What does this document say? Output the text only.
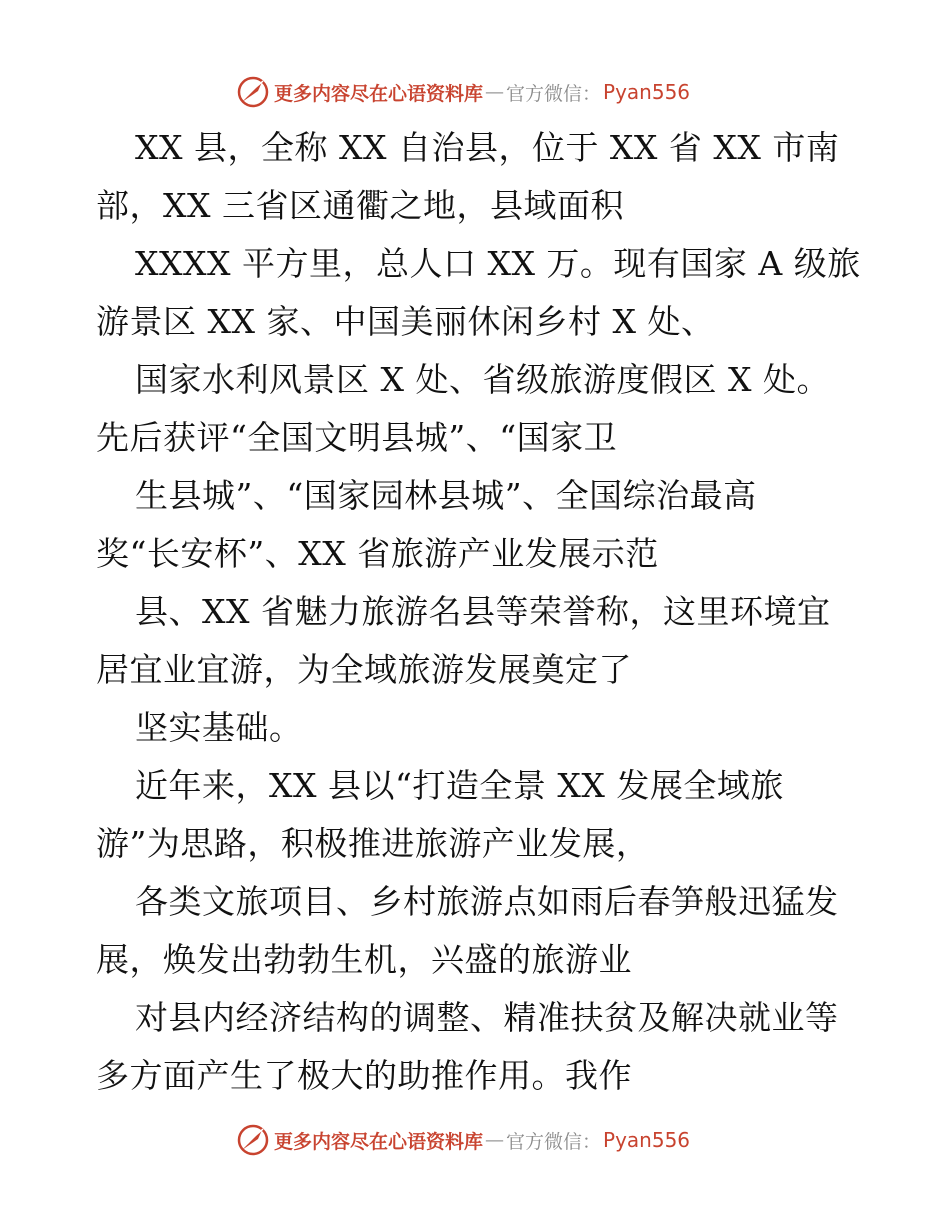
更多内容尽在心语资料库 — 官方微信： Pyan556
XX 县，全称 XX 自治县，位于 XX 省 XX 市南
部，XX 三省区通衢之地，县域面积
XXXX 平方里，总人口 XX 万。现有国家 A 级旅
游景区 XX 家、中国美丽休闲乡村 X 处、
国家水利风景区 X 处、省级旅游度假区 X 处。
先后获评“全国文明县城”、“国家卫
生县城”、“国家园林县城”、全国综治最高
奖“长安杯”、XX 省旅游产业发展示范
县、XX 省魅力旅游名县等荣誉称，这里环境宜
居宜业宜游，为全域旅游发展奠定了
坚实基础。
近年来，XX 县以“打造全景 XX 发展全域旅
游”为思路，积极推进旅游产业发展，
各类文旅项目、乡村旅游点如雨后春笋般迅猛发
展，焕发出勃勃生机，兴盛的旅游业
对县内经济结构的调整、精准扶贫及解决就业等
多方面产生了极大的助推作用。我作
更多内容尽在心语资料库 — 官方微信： Pyan556
